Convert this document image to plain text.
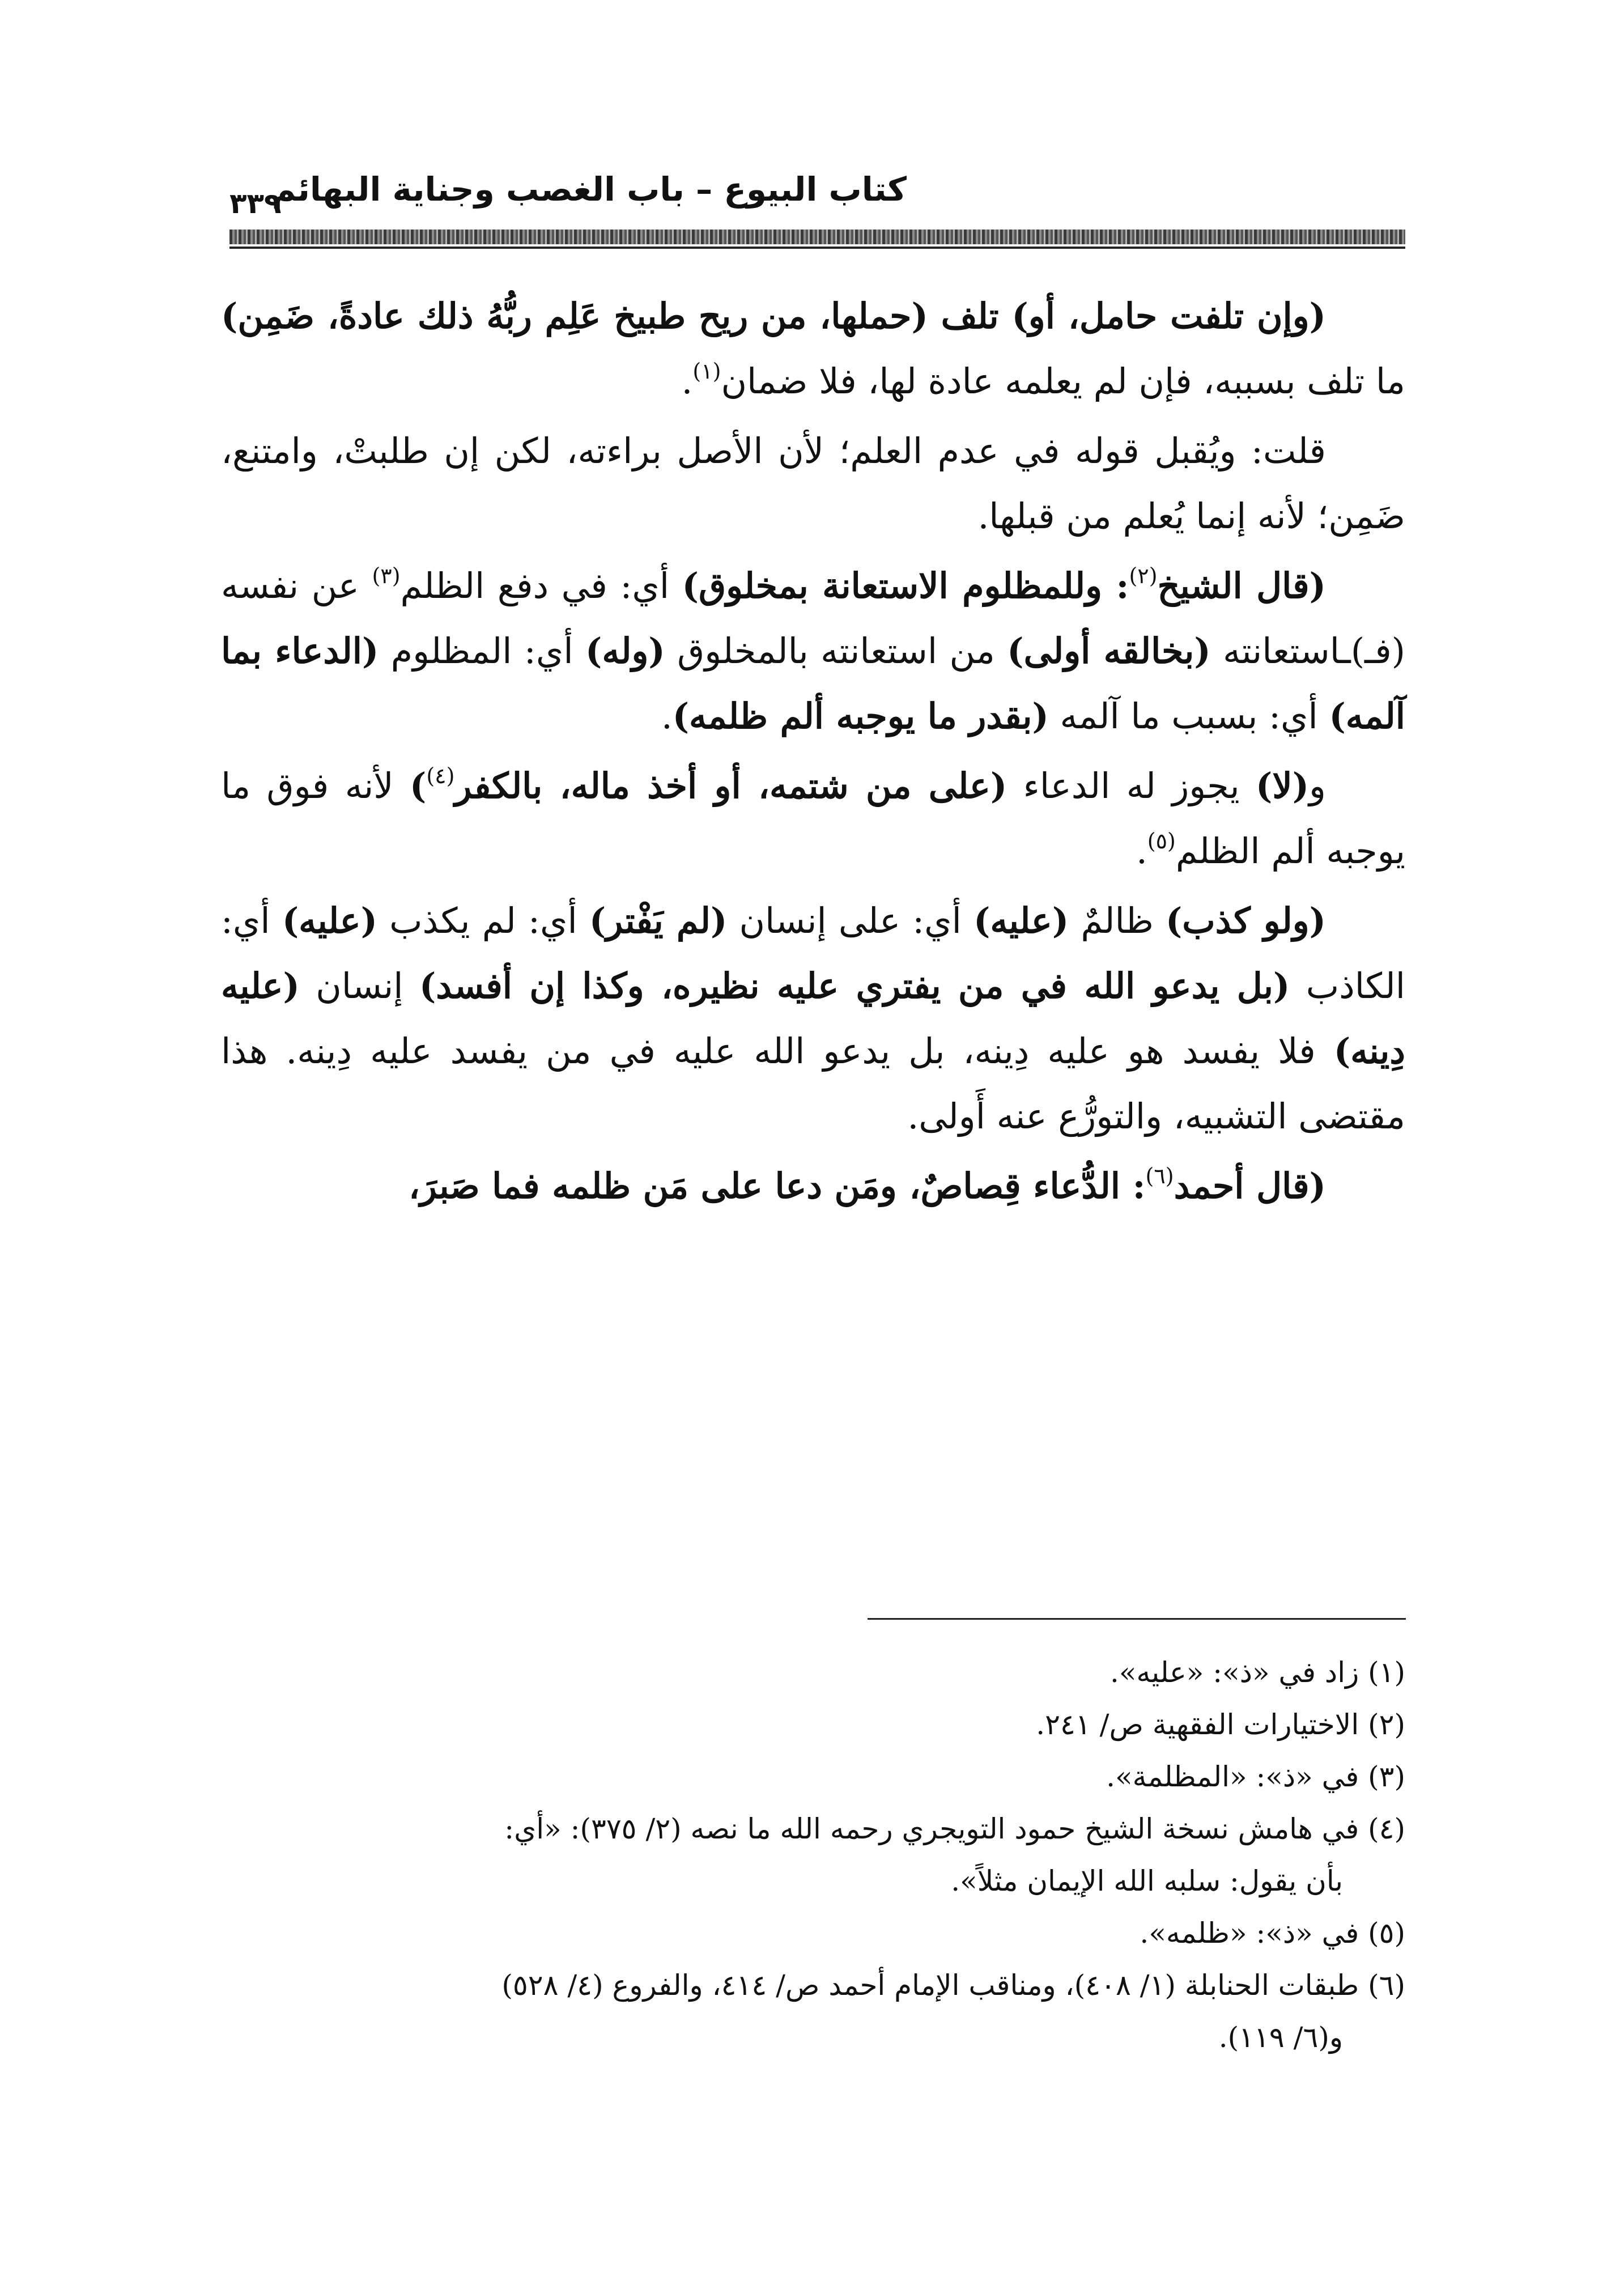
كتاب البيوع – باب الغصب وجناية البهائم
٣٣٩

(وإن تلفت حامل، أو) تلف (حملها، من ريح طبيخ عَلِم ربُّهُ ذلك عادةً، ضَمِن) ما تلف بسببه، فإن لم يعلمه عادة لها، فلا ضمان$^{(١)}$.

قلت: ويُقبل قوله في عدم العلم؛ لأن الأصل براءته، لكن إن طلبتْ، وامتنع، ضَمِن؛ لأنه إنما يُعلم من قبلها.

(قال الشيخ$^{(٢)}$: وللمظلوم الاستعانة بمخلوق) أي: في دفع الظلم$^{(٣)}$ عن نفسه (فـ)ـاستعانته (بخالقه أولى) من استعانته بالمخلوق (وله) أي: المظلوم (الدعاء بما آلمه) أي: بسبب ما آلمه (بقدر ما يوجبه ألم ظلمه).

و(لا) يجوز له الدعاء (على من شتمه، أو أخذ ماله، بالكفر$^{(٤)}$) لأنه فوق ما يوجبه ألم الظلم$^{(٥)}$.

(ولو كذب) ظالمٌ (عليه) أي: على إنسان (لم يَفْتر) أي: لم يكذب (عليه) أي: الكاذب (بل يدعو الله في من يفتري عليه نظيره، وكذا إن أفسد) إنسان (عليه دِينه) فلا يفسد هو عليه دِينه، بل يدعو الله عليه في من يفسد عليه دِينه. هذا مقتضى التشبيه، والتورُّع عنه أَولى.

(قال أحمد$^{(٦)}$: الدُّعاء قِصاصٌ، ومَن دعا على مَن ظلمه فما صَبرَ،

(١) زاد في «ذ»: «عليه».

(٢) الاختيارات الفقهية ص/ ٢٤١.

(٣) في «ذ»: «المظلمة».

(٤) في هامش نسخة الشيخ حمود التويجري رحمه الله ما نصه (٢/ ٣٧٥): «أي:

بأن يقول: سلبه الله الإيمان مثلاً».

(٥) في «ذ»: «ظلمه».

(٦) طبقات الحنابلة (١/ ٤٠٨)، ومناقب الإمام أحمد ص/ ٤١٤، والفروع (٤/ ٥٢٨)

و(٦/ ١١٩).
